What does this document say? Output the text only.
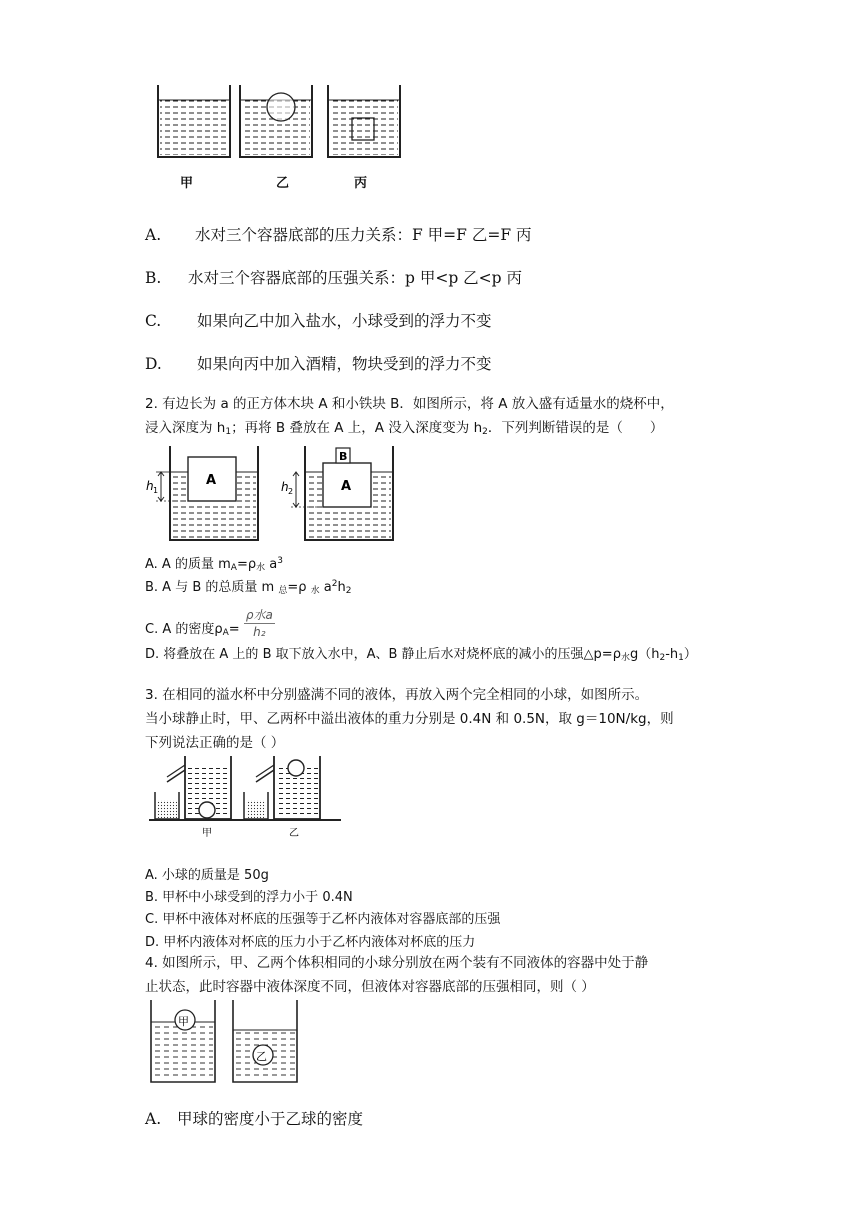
甲	乙	丙
A. 水对三个容器底部的压力关系：F 甲=F 乙=F 丙
B. 水对三个容器底部的压强关系：p 甲<p 乙<p 丙
C. 如果向乙中加入盐水，小球受到的浮力不变
D. 如果向丙中加入酒精，物块受到的浮力不变
2. 有边长为 a 的正方体木块 A 和小铁块 B．如图所示，将 A 放入盛有适量水的烧杯中，
浸入深度为 $h_1$；再将 B 叠放在 A 上，A 没入深度变为 $h_2$．下列判断错误的是（　　）
A
h 1
B
A
h 2
A. A 的质量 $m_A=\rho_水$ $a^3$
B. A 与 B 的总质量 m $_总$=ρ $_水$ $a^2h_2$
C. A 的密度$\rho_A= \frac{\text{ρ水a}}{\text{h₂}}$
D. 将叠放在 A 上的 B 取下放入水中，A、B 静止后水对烧杯底的减小的压强$\triangle p=\rho_水g(h_2-h_1)$
3. 在相同的溢水杯中分别盛满不同的液体，再放入两个完全相同的小球，如图所示。
当小球静止时，甲、乙两杯中溢出液体的重力分别是 0.4N 和 0.5N，取 g＝10N/kg，则
下列说法正确的是（ ）
甲	乙
A. 小球的质量是 50g
B. 甲杯中小球受到的浮力小于 0.4N
C. 甲杯中液体对杯底的压强等于乙杯内液体对容器底部的压强
D. 甲杯内液体对杯底的压力小于乙杯内液体对杯底的压力
4. 如图所示，甲、乙两个体积相同的小球分别放在两个装有不同液体的容器中处于静
止状态，此时容器中液体深度不同，但液体对容器底部的压强相同，则（ ）
甲
乙
A. 甲球的密度小于乙球的密度
